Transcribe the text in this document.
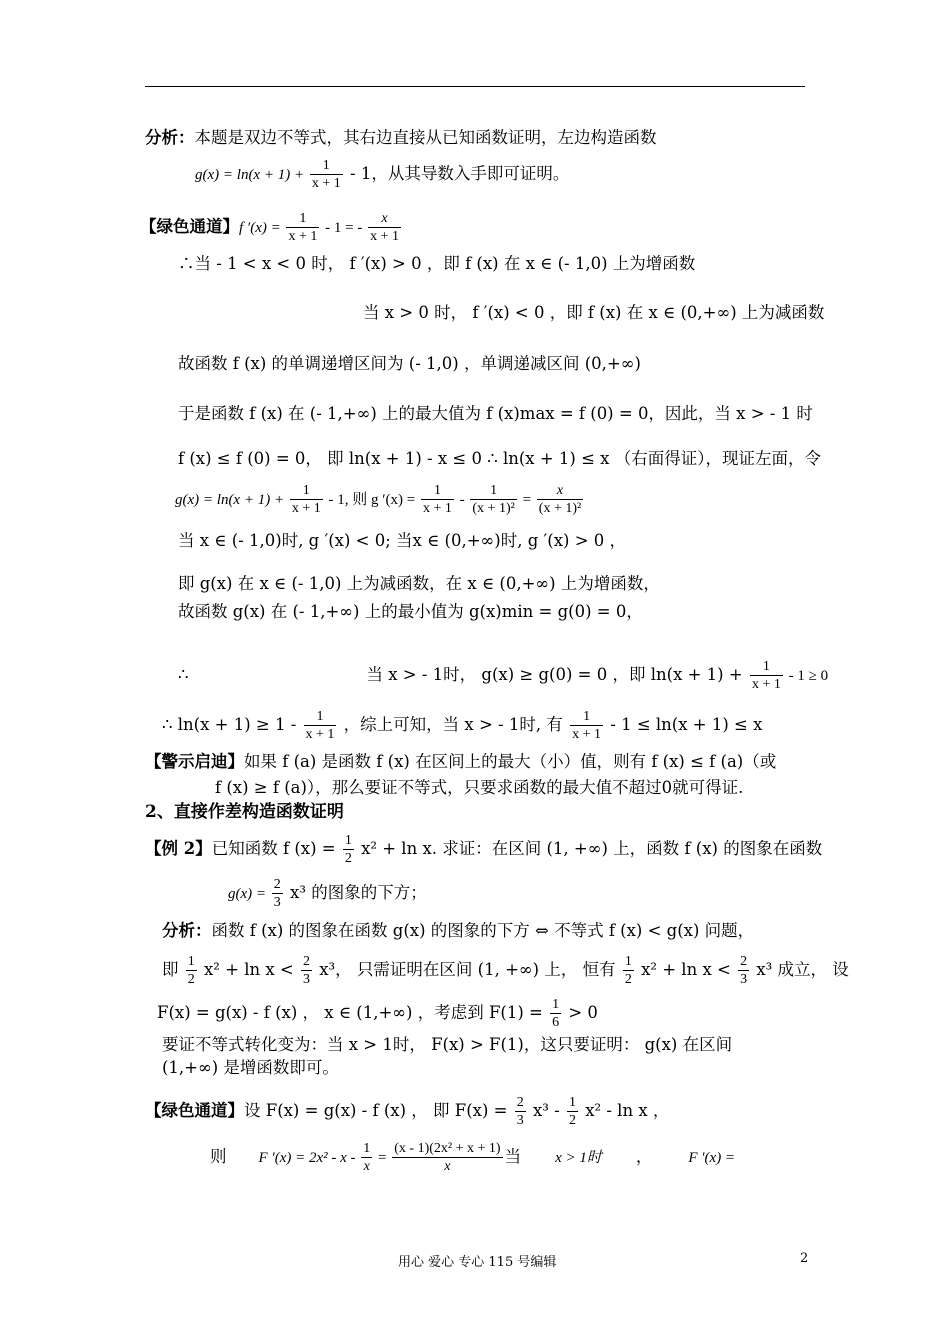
分析：本题是双边不等式，其右边直接从已知函数证明，左边构造函数
$g(x) = \ln(x + 1) + \frac{1}{x + 1} - 1$，从其导数入手即可证明。
【绿色通道】f $'(x) = \frac{1}{x + 1} - 1$ = - $\frac{x}{x + 1}$
∴当 - 1 < x < 0 时， f ′(x) > 0 ，即 f (x) 在 x ∈ (- 1,0) 上为增函数
当 x > 0 时， f ′(x) < 0 ，即 f (x) 在 x ∈ (0,+∞) 上为减函数
故函数 f (x) 的单调递增区间为 (- 1,0) ，单调递减区间 (0,+∞)
于是函数 f (x) 在 (- 1,+∞) 上的最大值为 f (x)max = f (0) = 0，因此，当 x > - 1 时
f (x) ≤ f (0) = 0， 即 ln(x + 1) - x ≤ 0 ∴ ln(x + 1) ≤ x （右面得证），现证左面，令
$g(x) = \ln(x + 1) + \frac{1}{x + 1} - 1$, 则 g $'(x) = \frac{1}{x + 1} - \frac{1}{\text{(x + 1)²}} = \frac{x}{\text{(x + 1)²}}$
当 x ∈ (- 1,0)时, g ′(x) < 0; 当x ∈ (0,+∞)时, g ′(x) > 0 ，
即 g(x) 在 x ∈ (- 1,0) 上为减函数，在 x ∈ (0,+∞) 上为增函数，
故函数 g(x) 在 (- 1,+∞) 上的最小值为 g(x)min = g(0) = 0，
∴	当 x > - 1时， g(x) ≥ g(0) = 0 ，即 $\ln(x + 1) + \frac{1}{x + 1} - 1 \ge 0$
∴ $\ln(x + 1) \ge 1 - \frac{1}{x + 1}$ ，综上可知，当 x > - 1时, 有 $\frac{1}{x + 1} - 1 \le \ln(x + 1) \le x$
【警示启迪】如果 f (a) 是函数 f (x) 在区间上的最大（小）值，则有 f (x) ≤ f (a)（或
f (x) ≥ f (a)），那么要证不等式，只要求函数的最大值不超过0就可得证.
2、直接作差构造函数证明
【例 2】已知函数 f $(x) = \frac{1}{2} x^2 + \ln x$. 求证：在区间 (1, +∞) 上，函数 f (x) 的图象在函数
$g(x) = \frac{2}{3} x^3$ 的图象的下方；
分析：函数 f (x) 的图象在函数 g(x) 的图象的下方 ⇔ 不等式 f (x) < g(x) 问题，
即 $\frac{1}{2} x^2 + \ln x < \frac{2}{3} x^3$， 只需证明在区间 (1, +∞) 上， 恒有 $\frac{1}{2} x^2 + \ln x < \frac{2}{3} x^3$ 成立， 设
F(x) = g(x) - f (x) ， x ∈ (1,+∞) ，考虑到 $F(1) = \frac{1}{6} > 0$
要证不等式转化变为：当 x > 1时， F(x) > F(1)，这只要证明： g(x) 在区间
(1,+∞) 是增函数即可。
【绿色通道】设 F(x) = g(x) - f (x) ， 即 $F(x) = \frac{2}{3} x^3 - \frac{1}{2} x^2 - \ln x$ ，
则 F $'(x) = 2x^2 - x - \frac{1}{x} = \frac{\text{(x - 1)(2x² + x + 1)}}{x}$ 当 x > 1时 ， F ′(x) =
用心 爱心 专心 115 号编辑	2
